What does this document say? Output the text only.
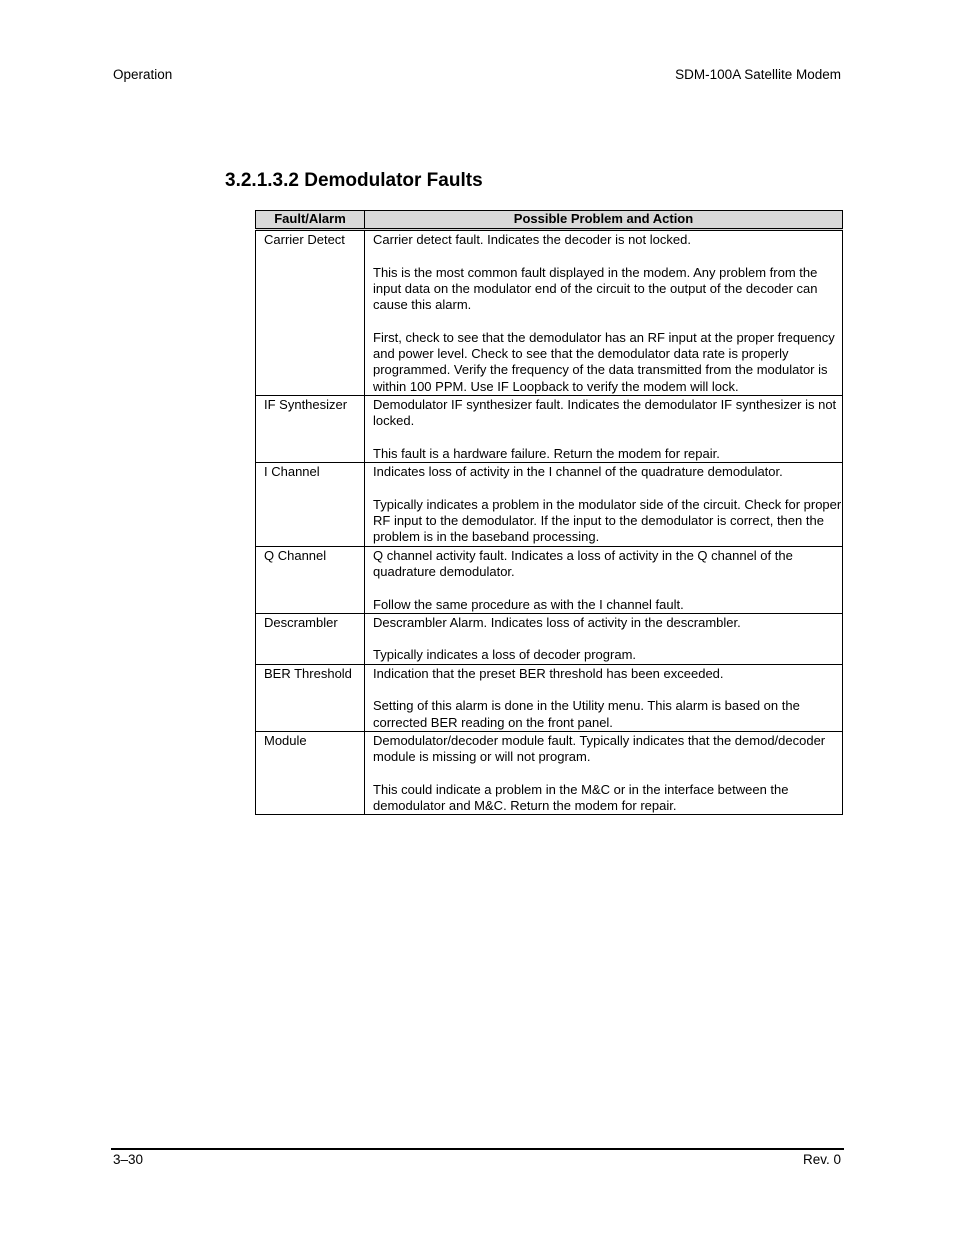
Operation	SDM-100A Satellite Modem
3.2.1.3.2 Demodulator Faults
Fault/Alarm	Possible Problem and Action
Carrier Detect	Carrier detect fault. Indicates the decoder is not locked.

This is the most common fault displayed in the modem. Any problem from the input data on the modulator end of the circuit to the output of the decoder can cause this alarm.

First, check to see that the demodulator has an RF input at the proper frequency and power level. Check to see that the demodulator data rate is properly programmed. Verify the frequency of the data transmitted from the modulator is within 100 PPM. Use IF Loopback to verify the modem will lock.

IF Synthesizer	Demodulator IF synthesizer fault. Indicates the demodulator IF synthesizer is not locked.

This fault is a hardware failure. Return the modem for repair.

I Channel	Indicates loss of activity in the I channel of the quadrature demodulator.

Typically indicates a problem in the modulator side of the circuit. Check for proper RF input to the demodulator. If the input to the demodulator is correct, then the problem is in the baseband processing.

Q Channel	Q channel activity fault. Indicates a loss of activity in the Q channel of the quadrature demodulator.

Follow the same procedure as with the I channel fault.

Descrambler	Descrambler Alarm. Indicates loss of activity in the descrambler.

Typically indicates a loss of decoder program.

BER Threshold	Indication that the preset BER threshold has been exceeded.

Setting of this alarm is done in the Utility menu. This alarm is based on the corrected BER reading on the front panel.

Module	Demodulator/decoder module fault. Typically indicates that the demod/decoder module is missing or will not program.

This could indicate a problem in the M&C or in the interface between the demodulator and M&C. Return the modem for repair.

3–30	Rev. 0
